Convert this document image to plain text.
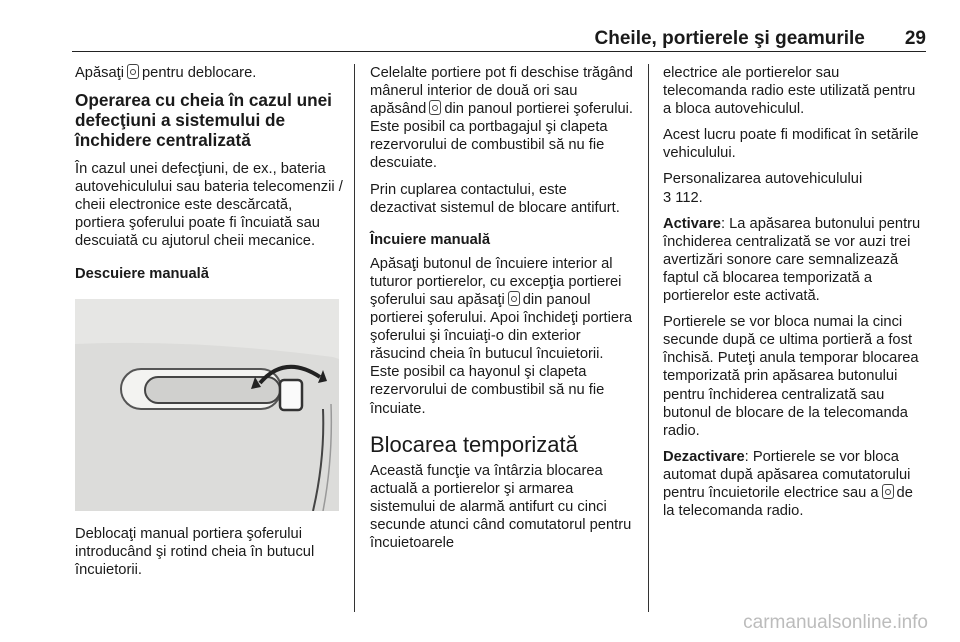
Cheile, portierele şi geamurile 29

Apăsaţi pentru deblocare.

Operarea cu cheia în cazul unei defecţiuni a sistemului de închidere centralizată

În cazul unei defecţiuni, de ex., bateria autovehiculului sau bateria telecomenzii / cheii electronice este descărcată, portiera şoferului poate fi încuiată sau descuiată cu ajutorul cheii mecanice.

Descuiere manuală

Deblocaţi manual portiera şoferului introducând şi rotind cheia în butucul încuietorii.

Celelalte portiere pot fi deschise trăgând mânerul interior de două ori sau apăsând din panoul portierei şoferului. Este posibil ca portbagajul şi clapeta rezervorului de combustibil să nu fie descuiate.

Prin cuplarea contactului, este dezactivat sistemul de blocare antifurt.

Încuiere manuală

Apăsaţi butonul de încuiere interior al tuturor portierelor, cu excepţia portierei şoferului sau apăsaţi din panoul portierei şoferului. Apoi închideţi portiera şoferului şi încuiaţi-o din exterior răsucind cheia în butucul încuietorii. Este posibil ca hayonul şi clapeta rezervorului de combustibil să nu fie încuiate.

Blocarea temporizată

Această funcţie va întârzia blocarea actuală a portierelor şi armarea sistemului de alarmă antifurt cu cinci secunde atunci când comutatorul pentru încuietoarele

electrice ale portierelor sau telecomanda radio este utilizată pentru a bloca autovehiculul.

Acest lucru poate fi modificat în setările vehiculului.

Personalizarea autovehiculului
3 112.

Activare: La apăsarea butonului pentru închiderea centralizată se vor auzi trei avertizări sonore care semnalizează faptul că blocarea temporizată a portierelor este activată.

Portierele se vor bloca numai la cinci secunde după ce ultima portieră a fost închisă. Puteţi anula temporar blocarea temporizată prin apăsarea butonului pentru închiderea centralizată sau butonul de blocare de la telecomanda radio.

Dezactivare: Portierele se vor bloca automat după apăsarea comutatorului pentru încuietorile electrice sau a de la telecomanda radio.

carmanualsonline.info
